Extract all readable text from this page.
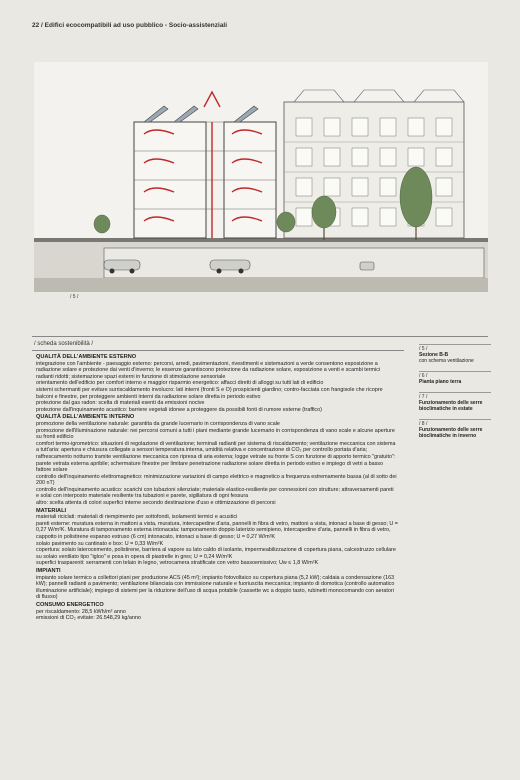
22 / Edifici ecocompatibili ad uso pubblico - Socio-assistenziali
/ 5 /
/ scheda sostenibilità /
QUALITÀ DELL'AMBIENTE ESTERNO

integrazione con l'ambiente - paesaggio esterno: percorsi, arredi, pavimentazioni, rivestimenti e sistemazioni a verde consentono esposizione a radiazione solare e protezione dai venti d'inverno; le essenze garantiscono protezione da radiazione solare, esposizione a venti e scambi termici radianti ridotti; sistemazione spazi esterni in funzione di stimolazione sensoriale

orientamento dell'edificio per comfort interno e maggior risparmio energetico: affacci diretti di alloggi su tutti lati di edificio

sistemi schermanti per evitare surriscaldamento involucro: lati interni (fronti S e O) prospicienti giardino; contro-facciata con frangisole che ricopre balconi e finestre, per proteggere ambienti interni da radiazione solare diretta in periodo estivo

protezione dal gas radon: scelta di materiali esenti da emissioni nocive

protezione dall'inquinamento acustico: barriere vegetali idonee a proteggere da possibili fonti di rumore esterne (traffico)

QUALITÀ DELL'AMBIENTE INTERNO

promozione della ventilazione naturale: garantita da grande lucernario in corrispondenza di vano scale

promozione dell'illuminazione naturale: nei percorsi comuni a tutti i piani mediante grande lucernario in corrispondenza di vano scale e alcune aperture su fronti edificio

comfort termo-igrometrico: situazioni di regolazione di ventilazione; terminali radianti per sistema di riscaldamento; ventilazione meccanica con sistema a tutt'aria: apertura e chiusura collegate a sensori temperatura interna, umidità relativa e concentrazione di CO₂ per controllo portata d'aria; raffrescamento notturno tramite ventilazione meccanica con ripresa di aria esterna; logge vetrate su fronte S con funzione di apporto termico "gratuito": parete vetrata esterna apribile; schermature finestre per limitare penetrazione radiazione solare diretta in periodo estivo e impiego di vetri a basso fattore solare

controllo dell'inquinamento elettromagnetico: minimizzazione variazioni di campo elettrico e magnetico a frequenza estremamente bassa (al di sotto dei 200 nT)

controllo dell'inquinamento acustico: scarichi con tubazioni silenziate; materiale elastico-resiliente per connessioni con strutture; attraversamenti pareti e solai con interposto materiale resiliente tra tubazioni e parete, sigillatura di ogni fessura

altro: scelta attenta di colori superfici interne secondo destinazione d'uso e ottimizzazione di percorsi

MATERIALI

materiali riciclati: materiali di riempimento per sottofondi, isolamenti termici e acustici

pareti esterne: muratura esterna in mattoni a vista, muratura, intercapedine d'aria, pannelli in fibra di vetro, mattoni a vista, intonaci a base di gesso; U = 0,27 W/m²K. Muratura di tamponamento esterna intonacata: tamponamento doppio laterizio semipieno, intercapedine d'aria, pannelli in fibra di vetro, cappotto in polistirene espanso estruso (6 cm) intonacato, intonaci a base di gesso; U = 0,27 W/m²K

solaio pavimento su cantinato e box: U = 0,33 W/m²K

copertura: solaio laterocemento, polistirene, barriera al vapore su lato caldo di isolante, impermeabilizzazione di copertura piana, calcestruzzo cellulare su solaio ventilato tipo "igloo" e posa in opera di piastrelle in gres; U = 0,24 W/m²K

superfici trasparenti: serramenti con telaio in legno, vetrocamera stratificate con vetro bassoemissivo; Uw ≤ 1,8 W/m²K

IMPIANTI

impianto solare termico a collettori piani per produzione ACS (45 m²); impianto fotovoltaico su copertura piana (5,2 kW); caldaia a condensazione (163 kW); pannelli radianti a pavimento; ventilazione bilanciata con immissione naturale e fuoriuscita meccanica; impianto di domotica (controllo automatico illuminazione artificiale); impiego di sistemi per la riduzione dell'uso di acqua potabile (cassette wc a doppio tasto, rubinetti monocomando con aeratori di flusso)

CONSUMO ENERGETICO

per riscaldamento: 28,5 kWh/m² anno

emissioni di CO₂ evitate: 26.548,29 kg/anno

/ 5 /
Sezione B-B
con schema ventilazione
/ 6 /
Pianta piano terra
/ 7 /
Funzionamento delle serre bioclimatiche in estate
/ 8 /
Funzionamento delle serre bioclimatiche in inverno
